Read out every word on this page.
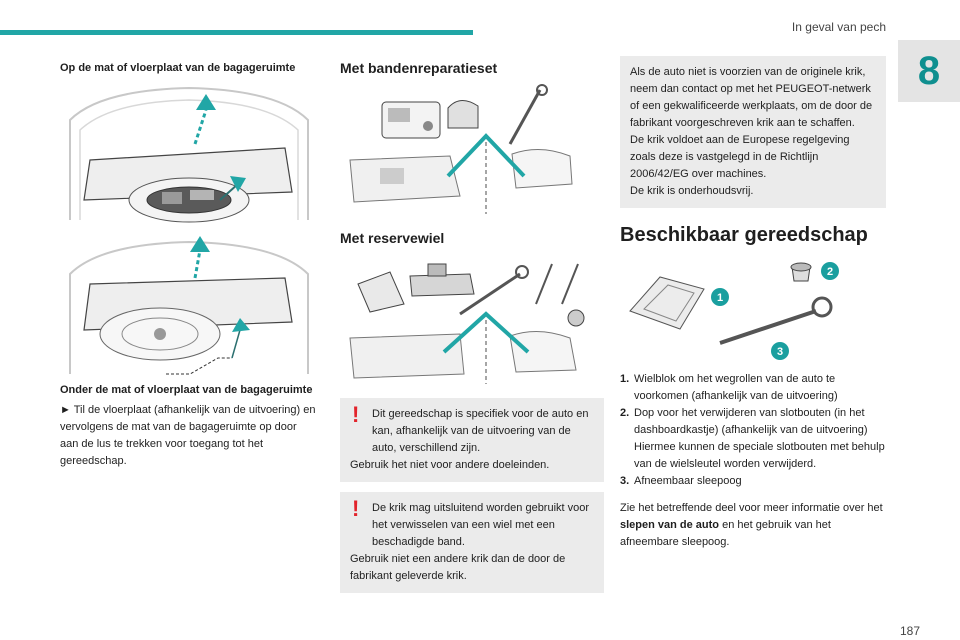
In geval van pech
8
Op de mat of vloerplaat van de bagageruimte
Onder de mat of vloerplaat van de bagageruimte

► Til de vloerplaat (afhankelijk van de uitvoering) en vervolgens de mat van de bagageruimte op door aan de lus te trekken voor toegang tot het gereedschap.

Met bandenreparatieset
Met reservewiel
!	Dit gereedschap is specifiek voor de auto en kan, afhankelijk van de uitvoering van de auto, verschillend zijn.
Gebruik het niet voor andere doeleinden.
!	De krik mag uitsluitend worden gebruikt voor het verwisselen van een wiel met een beschadigde band.
Gebruik niet een andere krik dan de door de fabrikant geleverde krik.
Als de auto niet is voorzien van de originele krik, neem dan contact op met het PEUGEOT-netwerk of een gekwalificeerde werkplaats, om de door de fabrikant voorgeschreven krik aan te schaffen.
De krik voldoet aan de Europese regelgeving zoals deze is vastgelegd in de Richtlijn 2006/42/EG over machines.
De krik is onderhoudsvrij.
Beschikbaar gereedschap
1
2
3
1. Wielblok om het wegrollen van de auto te voorkomen (afhankelijk van de uitvoering)
2. Dop voor het verwijderen van slotbouten (in het dashboardkastje) (afhankelijk van de uitvoering) Hiermee kunnen de speciale slotbouten met behulp van de wielsleutel worden verwijderd.
3. Afneembaar sleepoog

Zie het betreffende deel voor meer informatie over het slepen van de auto en het gebruik van het afneembare sleepoog.

187
